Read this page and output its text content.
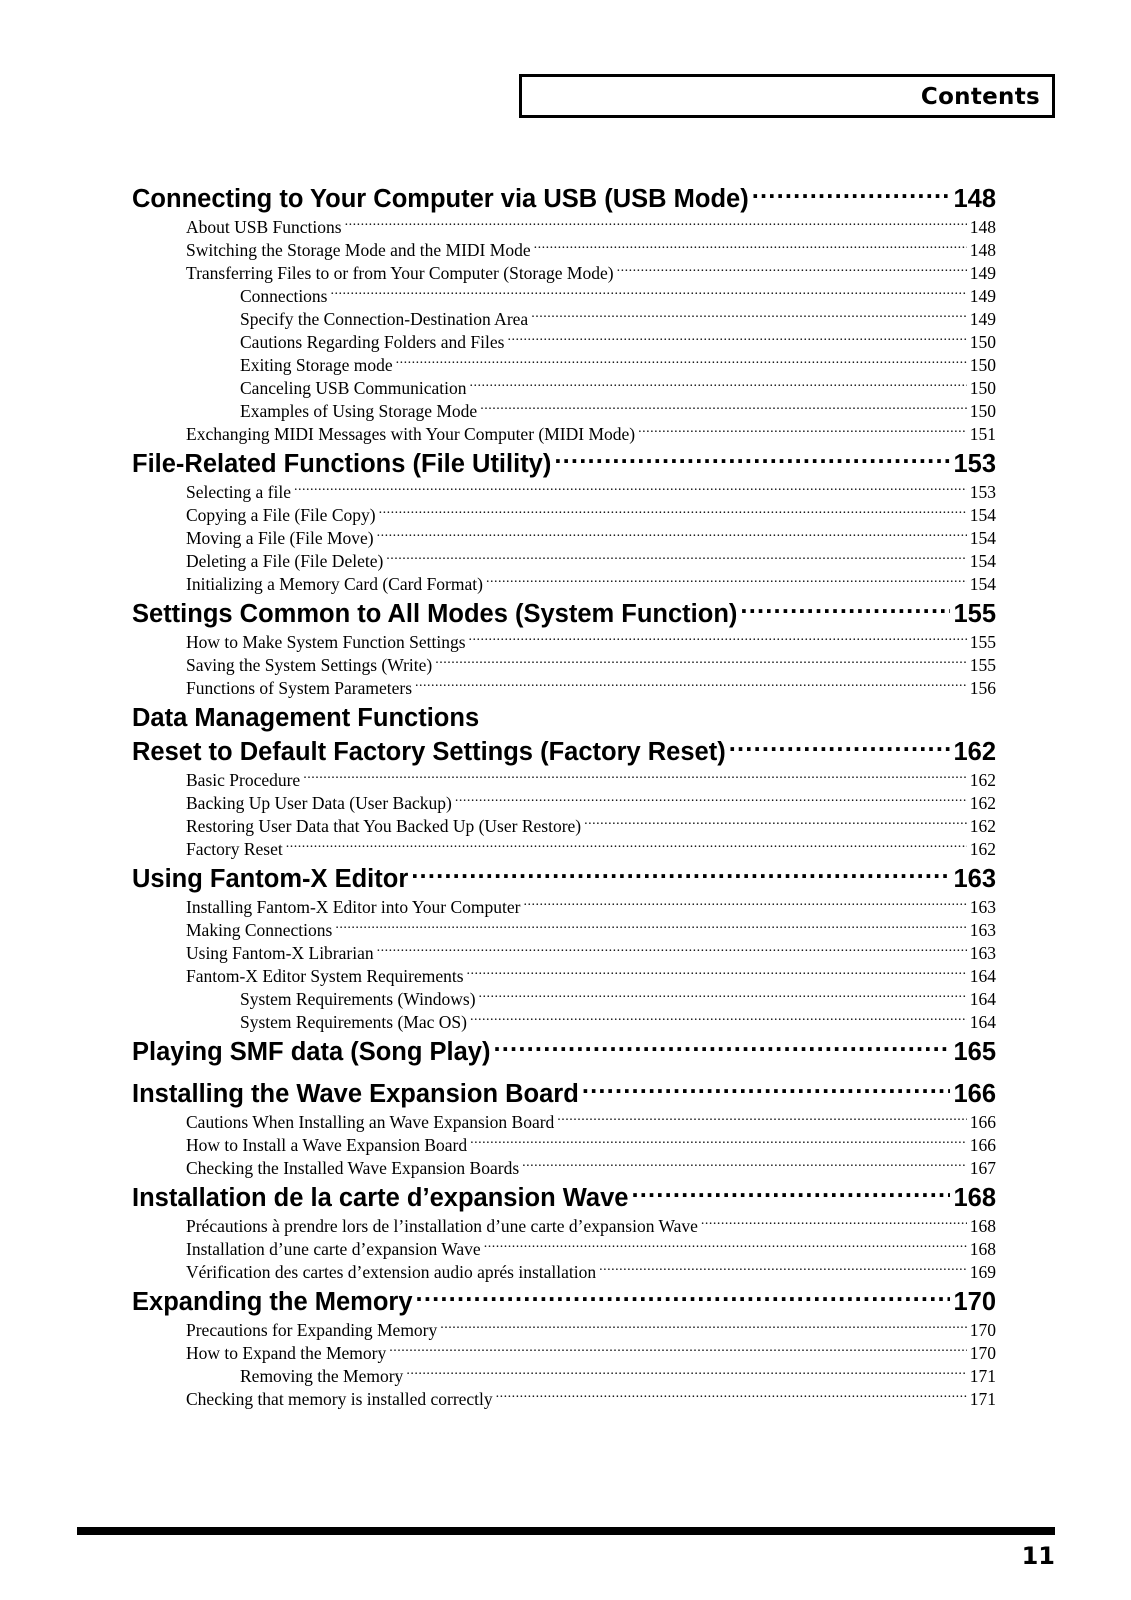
Contents
Connecting to Your Computer via USB (USB Mode) .....	148
About USB Functions .....	148
Switching the Storage Mode and the MIDI Mode .....	148
Transferring Files to or from Your Computer (Storage Mode) .....	149
Connections .....	149
Specify the Connection-Destination Area .....	149
Cautions Regarding Folders and Files .....	150
Exiting Storage mode .....	150
Canceling USB Communication .....	150
Examples of Using Storage Mode .....	150
Exchanging MIDI Messages with Your Computer (MIDI Mode) .....	151
File-Related Functions (File Utility) .....	153
Selecting a file .....	153
Copying a File (File Copy) .....	154
Moving a File (File Move) .....	154
Deleting a File (File Delete) .....	154
Initializing a Memory Card (Card Format) .....	154
Settings Common to All Modes (System Function) .....	155
How to Make System Function Settings .....	155
Saving the System Settings (Write) .....	155
Functions of System Parameters .....	156
Data Management Functions
Reset to Default Factory Settings (Factory Reset) .....	162
Basic Procedure .....	162
Backing Up User Data (User Backup) .....	162
Restoring User Data that You Backed Up (User Restore) .....	162
Factory Reset .....	162
Using Fantom-X Editor .....	163
Installing Fantom-X Editor into Your Computer .....	163
Making Connections .....	163
Using Fantom-X Librarian .....	163
Fantom-X Editor System Requirements .....	164
System Requirements (Windows) .....	164
System Requirements (Mac OS) .....	164
Playing SMF data (Song Play) .....	165
Installing the Wave Expansion Board .....	166
Cautions When Installing an Wave Expansion Board .....	166
How to Install a Wave Expansion Board .....	166
Checking the Installed Wave Expansion Boards .....	167
Installation de la carte d’expansion Wave .....	168
Précautions à prendre lors de l’installation d’une carte d’expansion Wave .....	168
Installation d’une carte d’expansion Wave .....	168
Vérification des cartes d’extension audio aprés installation .....	169
Expanding the Memory .....	170
Precautions for Expanding Memory .....	170
How to Expand the Memory .....	170
Removing the Memory .....	171
Checking that memory is installed correctly .....	171
11
